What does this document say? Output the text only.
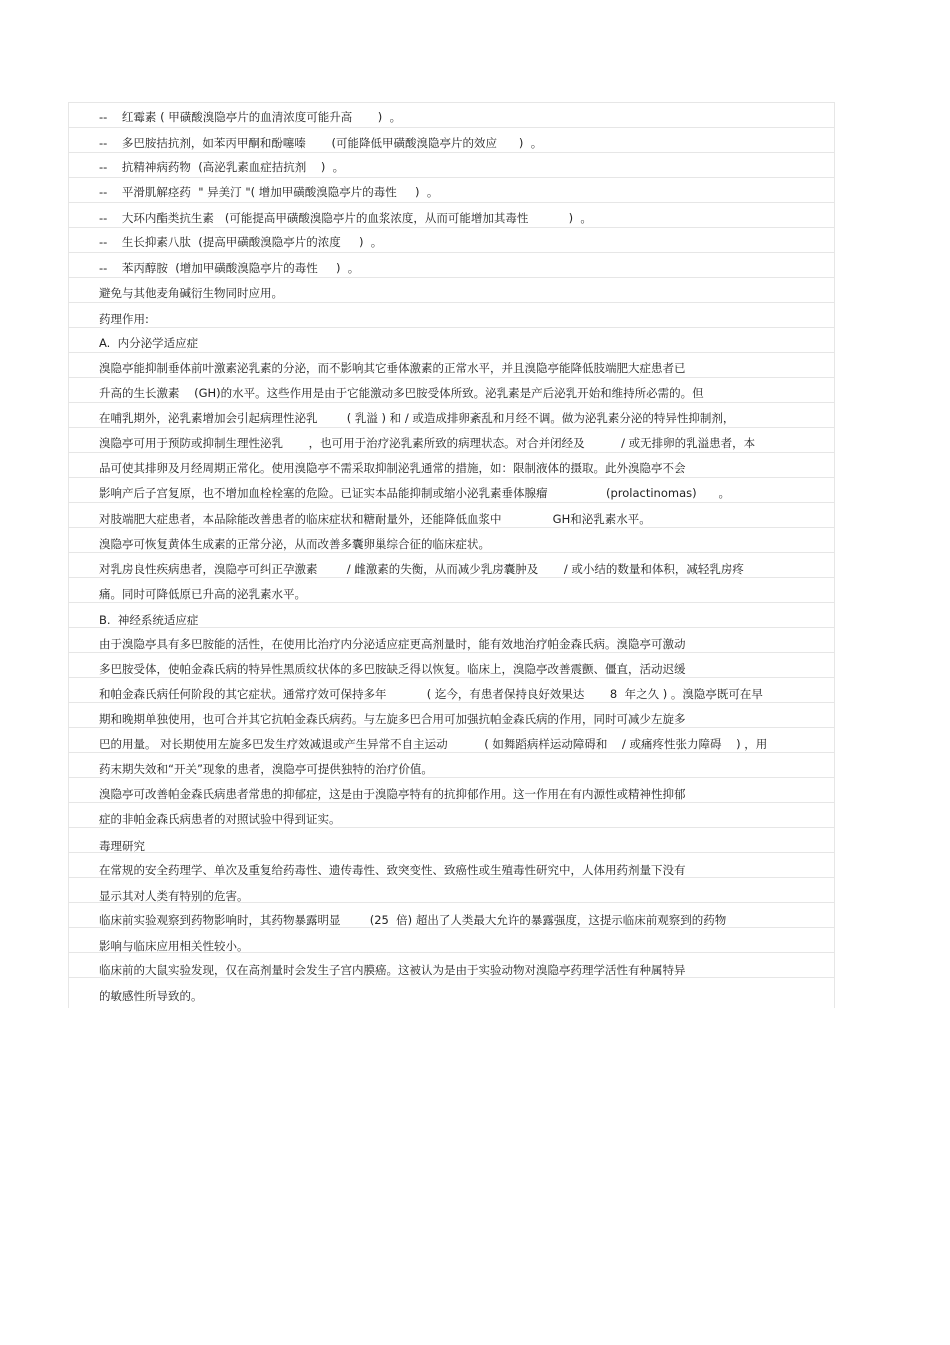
--    红霉素 ( 甲磺酸溴隐亭片的血清浓度可能升高       )  。
--    多巴胺拮抗剂，如苯丙甲酮和酚噻嗪       (可能降低甲磺酸溴隐亭片的效应      )  。
--    抗精神病药物  (高泌乳素血症拮抗剂    )  。
--    平滑肌解痉药  " 异美汀 "( 增加甲磺酸溴隐亭片的毒性     )  。
--    大环内酯类抗生素   (可能提高甲磺酸溴隐亭片的血浆浓度，从而可能增加其毒性           )  。
--    生长抑素八肽  (提高甲磺酸溴隐亭片的浓度     )  。
--    苯丙醇胺  (增加甲磺酸溴隐亭片的毒性     )  。
避免与其他麦角碱衍生物同时应用。
药理作用:
A.  内分泌学适应症
溴隐亭能抑制垂体前叶激素泌乳素的分泌，而不影响其它垂体激素的正常水平，并且溴隐亭能降低肢端肥大症患者已
升高的生长激素    (GH)的水平。这些作用是由于它能激动多巴胺受体所致。泌乳素是产后泌乳开始和维持所必需的。但
在哺乳期外，泌乳素增加会引起病理性泌乳        ( 乳溢 ) 和 / 或造成排卵紊乱和月经不调。做为泌乳素分泌的特异性抑制剂，
溴隐亭可用于预防或抑制生理性泌乳       ，也可用于治疗泌乳素所致的病理状态。对合并闭经及          / 或无排卵的乳溢患者，本
品可使其排卵及月经周期正常化。使用溴隐亭不需采取抑制泌乳通常的措施，如：限制液体的摄取。此外溴隐亭不会
影响产后子宫复原，也不增加血栓栓塞的危险。已证实本品能抑制或缩小泌乳素垂体腺瘤                (prolactinomas)      。
对肢端肥大症患者，本品除能改善患者的临床症状和糖耐量外，还能降低血浆中              GH和泌乳素水平。
溴隐亭可恢复黄体生成素的正常分泌，从而改善多囊卵巢综合征的临床症状。
对乳房良性疾病患者，溴隐亭可纠正孕激素        / 雌激素的失衡，从而减少乳房囊肿及       / 或小结的数量和体积，减轻乳房疼
痛。同时可降低原已升高的泌乳素水平。
B.  神经系统适应症
由于溴隐亭具有多巴胺能的活性，在使用比治疗内分泌适应症更高剂量时，能有效地治疗帕金森氏病。溴隐亭可激动
多巴胺受体，使帕金森氏病的特异性黑质纹状体的多巴胺缺乏得以恢复。临床上，溴隐亭改善震颤、僵直，活动迟缓
和帕金森氏病任何阶段的其它症状。通常疗效可保持多年           ( 迄今，有患者保持良好效果达       8  年之久 ) 。溴隐亭既可在早
期和晚期单独使用，也可合并其它抗帕金森氏病药。与左旋多巴合用可加强抗帕金森氏病的作用，同时可减少左旋多
巴的用量。 对长期使用左旋多巴发生疗效减退或产生异常不自主运动          ( 如舞蹈病样运动障碍和    / 或痛疼性张力障碍    ) ，用
药末期失效和“开关”现象的患者，溴隐亭可提供独特的治疗价值。
溴隐亭可改善帕金森氏病患者常患的抑郁症，这是由于溴隐亭特有的抗抑郁作用。这一作用在有内源性或精神性抑郁
症的非帕金森氏病患者的对照试验中得到证实。
毒理研究
在常规的安全药理学、单次及重复给药毒性、遗传毒性、致突变性、致癌性或生殖毒性研究中，人体用药剂量下没有
显示其对人类有特别的危害。
临床前实验观察到药物影响时，其药物暴露明显        (25  倍) 超出了人类最大允许的暴露强度，这提示临床前观察到的药物
影响与临床应用相关性较小。
临床前的大鼠实验发现，仅在高剂量时会发生子宫内膜癌。这被认为是由于实验动物对溴隐亭药理学活性有种属特异
的敏感性所导致的。
